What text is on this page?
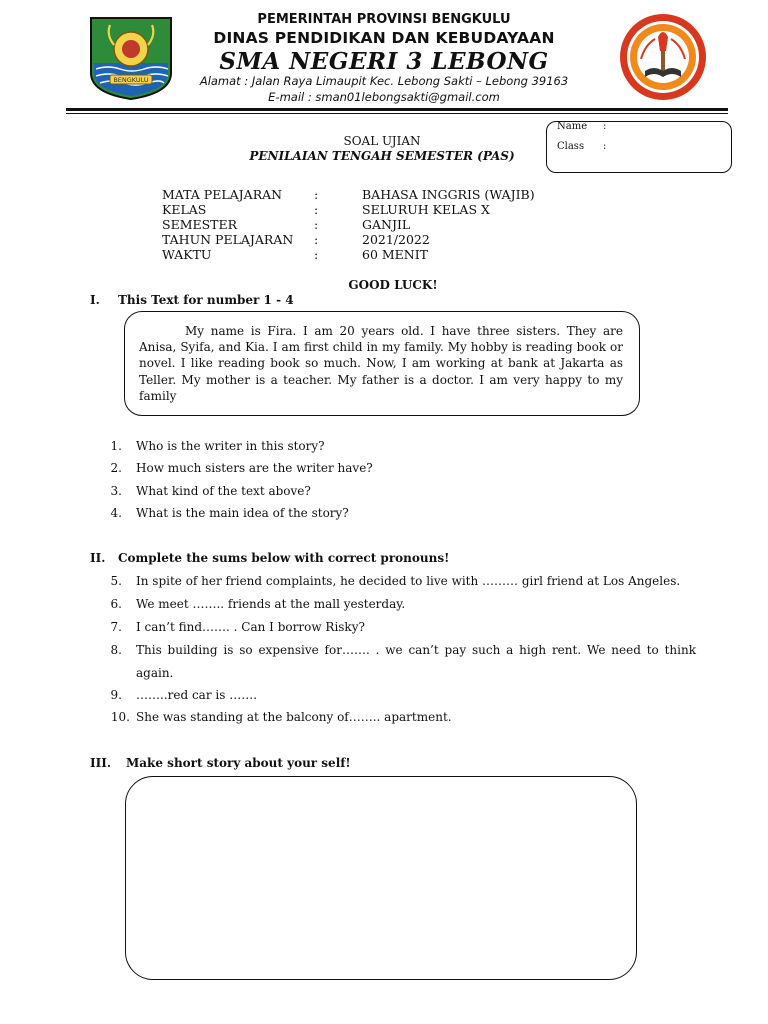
BENGKULU
PEMERINTAH PROVINSI BENGKULU
DINAS PENDIDIKAN DAN KEBUDAYAAN
SMA NEGERI 3 LEBONG
Alamat : Jalan Raya Limaupit Kec. Lebong Sakti – Lebong 39163
E-mail : sman01lebongsakti@gmail.com
Name :
Class :
SOAL UJIAN
PENILAIAN TENGAH SEMESTER (PAS)
MATA PELAJARAN	:	BAHASA INGGRIS (WAJIB)
KELAS	:	SELURUH KELAS X
SEMESTER	:	GANJIL
TAHUN PELAJARAN :	2021/2022
WAKTU	:	60 MENIT
GOOD LUCK!
I. This Text for number 1 - 4

My name is Fira. I am 20 years old. I have three sisters. They are Anisa, Syifa, and Kia. I am first child in my family. My hobby is reading book or novel. I like reading book so much. Now, I am working at bank at Jakarta as Teller. My mother is a teacher. My father is a doctor. I am very happy to my family

1. Who is the writer in this story?
2. How much sisters are the writer have?
3. What kind of the text above?
4. What is the main idea of the story?
II. Complete the sums below with correct pronouns!
5. In spite of her friend complaints, he decided to live with ……… girl friend at Los Angeles.
6. We meet …….. friends at the mall yesterday.
7. I can’t find……. . Can I borrow Risky?
8. This building is so expensive for……. . we can’t pay such a high rent. We need to think
again.
9. ……..red car is …….
10. She was standing at the balcony of…….. apartment.
III. Make short story about your self!
